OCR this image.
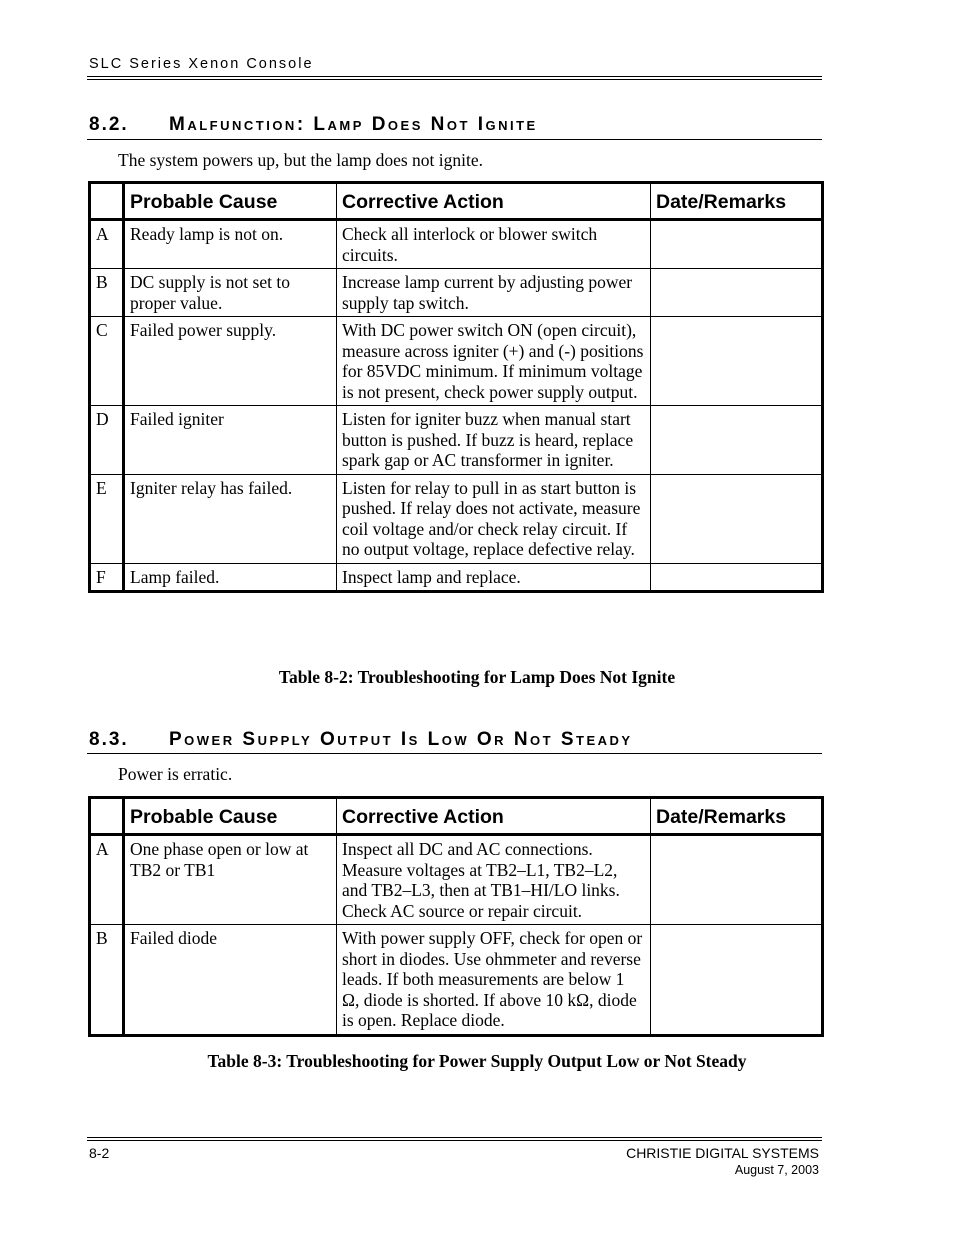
SLC Series Xenon Console
8.2. Malfunction: Lamp Does Not Ignite
The system powers up, but the lamp does not ignite.
	Probable Cause	Corrective Action	Date/Remarks
A	Ready lamp is not on.	Check all interlock or blower switch circuits.	
B	DC supply is not set to proper value.	Increase lamp current by adjusting power supply tap switch.	
C	Failed power supply.	With DC power switch ON (open circuit), measure across igniter (+) and (-) positions for 85VDC minimum. If minimum voltage is not present, check power supply output.	
D	Failed igniter	Listen for igniter buzz when manual start button is pushed. If buzz is heard, replace spark gap or AC transformer in igniter.	
E	Igniter relay has failed.	Listen for relay to pull in as start button is pushed. If relay does not activate, measure coil voltage and/or check relay circuit. If no output voltage, replace defective relay.	
F	Lamp failed.	Inspect lamp and replace.	
Table 8-2: Troubleshooting for Lamp Does Not Ignite
8.3. Power Supply Output Is Low Or Not Steady
Power is erratic.
	Probable Cause	Corrective Action	Date/Remarks
A	One phase open or low at TB2 or TB1	Inspect all DC and AC connections. Measure voltages at TB2–L1, TB2–L2, and TB2–L3, then at TB1–HI/LO links. Check AC source or repair circuit.	
B	Failed diode	With power supply OFF, check for open or short in diodes. Use ohmmeter and reverse leads. If both measurements are below 1 Ω, diode is shorted. If above 10 kΩ, diode is open. Replace diode.	
Table 8-3: Troubleshooting for Power Supply Output Low or Not Steady
8-2	CHRISTIE DIGITAL SYSTEMS
August 7, 2003
